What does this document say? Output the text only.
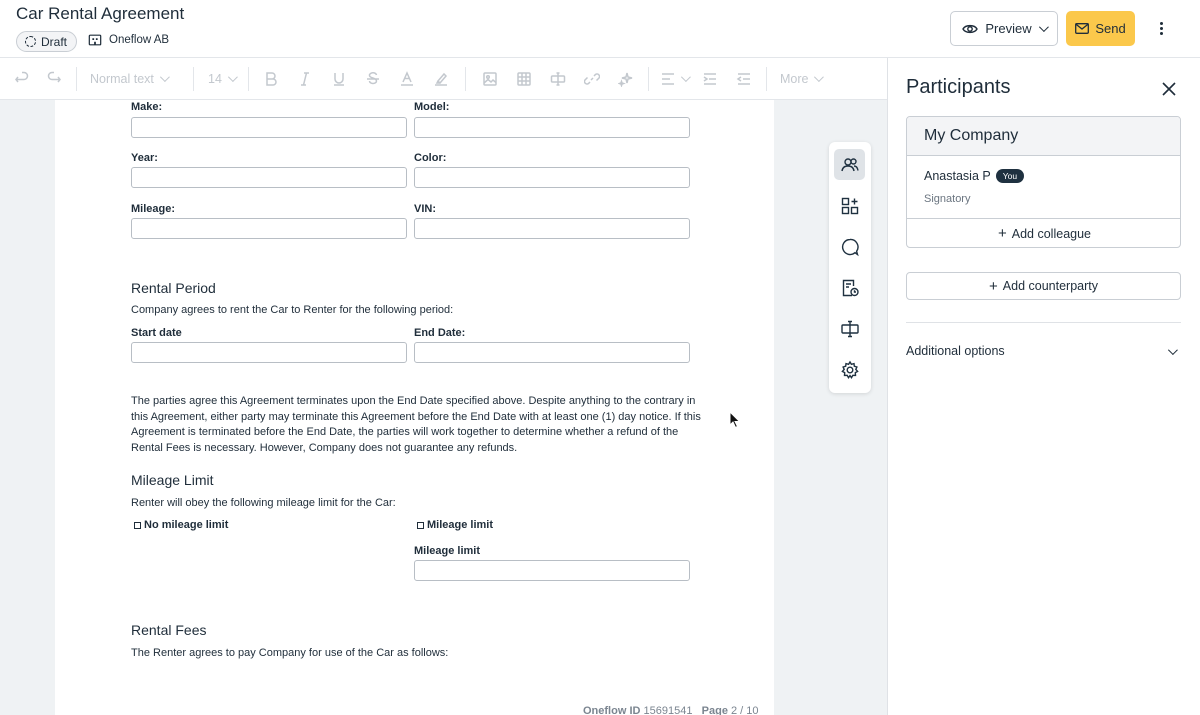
Car Rental Agreement
Draft	Oneflow AB
Preview	Send
Normal text	14	More
Make:	Model:
Year:	Color:
Mileage:	VIN:
Rental Period
Company agrees to rent the Car to Renter for the following period:
Start date	End Date:
The parties agree this Agreement terminates upon the End Date specified above. Despite anything to the contrary in
this Agreement, either party may terminate this Agreement before the End Date with at least one (1) day notice. If this
Agreement is terminated before the End Date, the parties will work together to determine whether a refund of the
Rental Fees is necessary. However, Company does not guarantee any refunds.
Mileage Limit
Renter will obey the following mileage limit for the Car:
No mileage limit	Mileage limit
Mileage limit
Rental Fees
The Renter agrees to pay Company for use of the Car as follows:
Oneflow ID 15691541 Page 2 / 10
Participants
My Company
Anastasia P	You
Signatory
+ Add colleague
+ Add counterparty
Additional options
